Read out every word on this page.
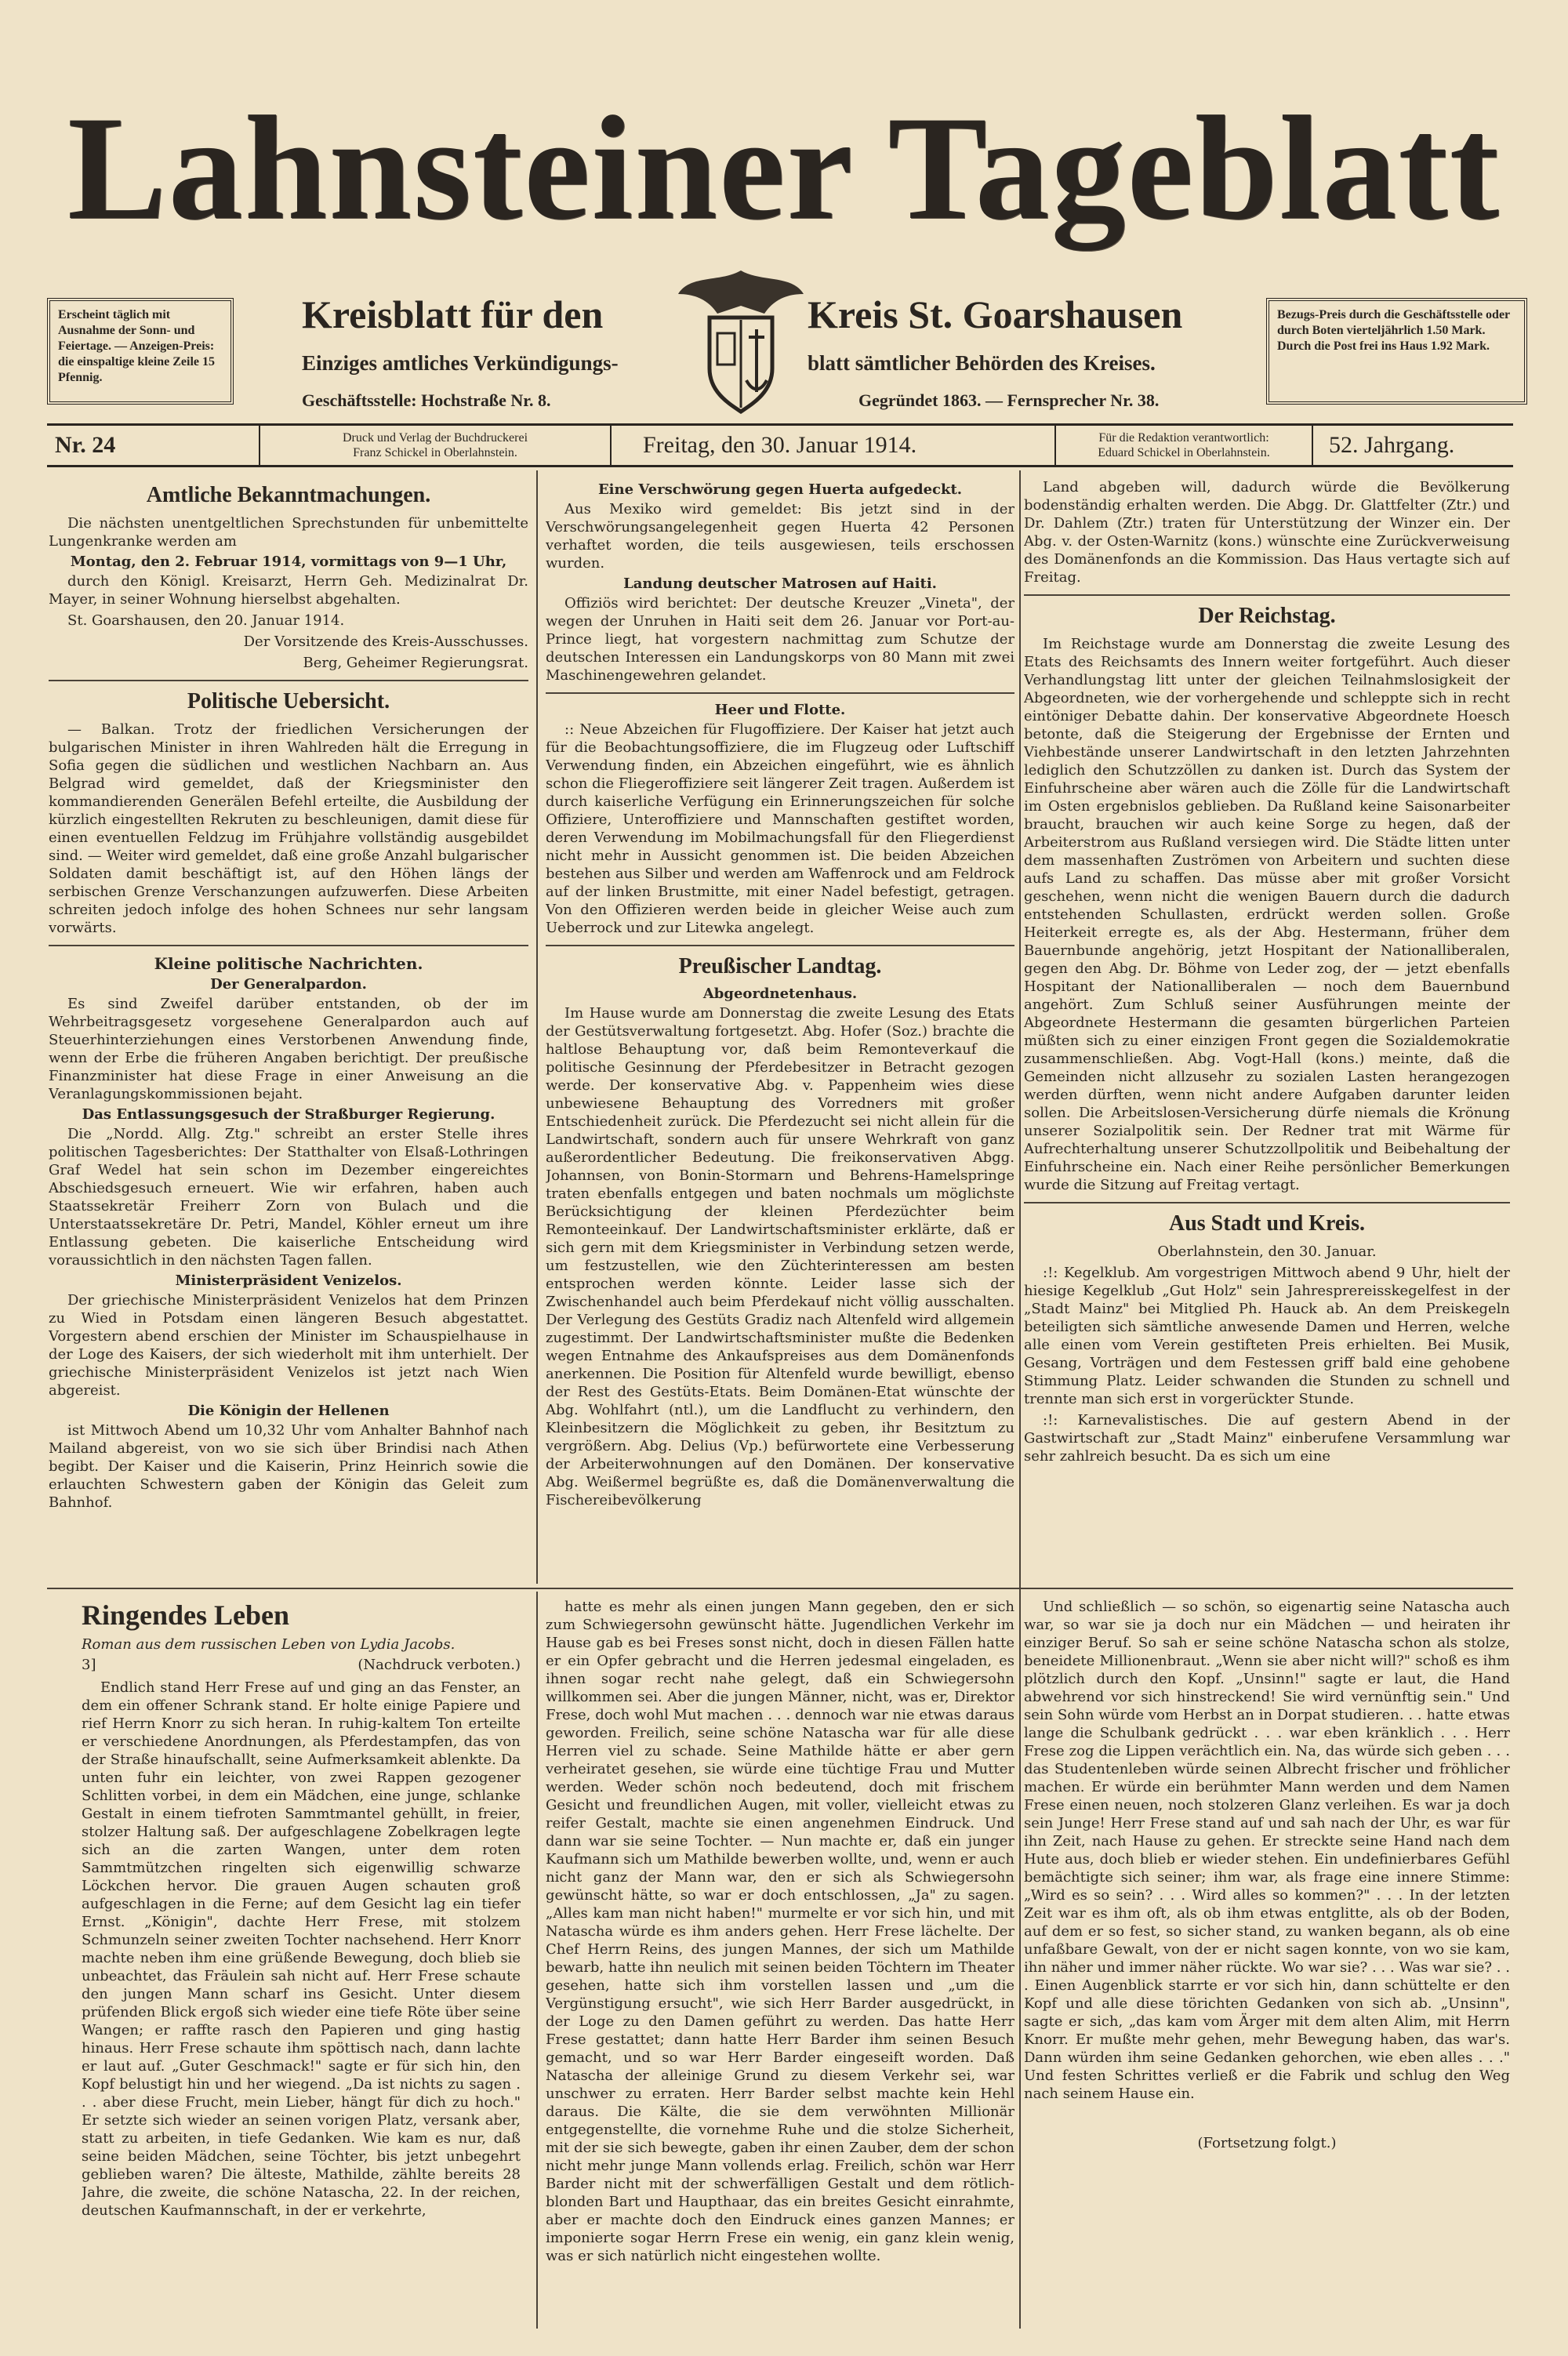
Lahnsteiner Tageblatt
Erscheint täglich mit Ausnahme der Sonn- und Feiertage. — Anzeigen-Preis: die einspaltige kleine Zeile 15 Pfennig.
Bezugs-Preis durch die Geschäftsstelle oder durch Boten vierteljährlich 1.50 Mark. Durch die Post frei ins Haus 1.92 Mark.
Kreisblatt für den	Kreis St. Goarshausen
Einziges amtliches Verkündigungs-	blatt sämtlicher Behörden des Kreises.
Geschäftsstelle: Hochstraße Nr. 8.	Gegründet 1863. — Fernsprecher Nr. 38.
Nr. 24	Druck und Verlag der Buchdruckerei
Franz Schickel in Oberlahnstein.	Freitag, den 30. Januar 1914.	Für die Redaktion verantwortlich:
Eduard Schickel in Oberlahnstein.	52. Jahrgang.
Amtliche Bekanntmachungen.

Die nächsten unentgeltlichen Sprechstunden für unbemittelte Lungenkranke werden am

Montag, den 2. Februar 1914, vormittags von 9—1 Uhr,

durch den Königl. Kreisarzt, Herrn Geh. Medizinalrat Dr. Mayer, in seiner Wohnung hierselbst abgehalten.

St. Goarshausen, den 20. Januar 1914.

Der Vorsitzende des Kreis-Ausschusses.

Berg, Geheimer Regierungsrat.

Politische Uebersicht.

— Balkan. Trotz der friedlichen Versicherungen der bulgarischen Minister in ihren Wahlreden hält die Erregung in Sofia gegen die südlichen und westlichen Nachbarn an. Aus Belgrad wird gemeldet, daß der Kriegsminister den kommandierenden Generälen Befehl erteilte, die Ausbildung der kürzlich eingestellten Rekruten zu beschleunigen, damit diese für einen eventuellen Feldzug im Frühjahre vollständig ausgebildet sind. — Weiter wird gemeldet, daß eine große Anzahl bulgarischer Soldaten damit beschäftigt ist, auf den Höhen längs der serbischen Grenze Verschanzungen aufzuwerfen. Diese Arbeiten schreiten jedoch infolge des hohen Schnees nur sehr langsam vorwärts.

Kleine politische Nachrichten.
Der Generalpardon.

Es sind Zweifel darüber entstanden, ob der im Wehrbeitragsgesetz vorgesehene Generalpardon auch auf Steuerhinterziehungen eines Verstorbenen Anwendung finde, wenn der Erbe die früheren Angaben berichtigt. Der preußische Finanzminister hat diese Frage in einer Anweisung an die Veranlagungskommissionen bejaht.

Das Entlassungsgesuch der Straßburger Regierung.

Die „Nordd. Allg. Ztg." schreibt an erster Stelle ihres politischen Tagesberichtes: Der Statthalter von Elsaß-Lothringen Graf Wedel hat sein schon im Dezember eingereichtes Abschiedsgesuch erneuert. Wie wir erfahren, haben auch Staatssekretär Freiherr Zorn von Bulach und die Unterstaatssekretäre Dr. Petri, Mandel, Köhler erneut um ihre Entlassung gebeten. Die kaiserliche Entscheidung wird voraussichtlich in den nächsten Tagen fallen.

Ministerpräsident Venizelos.

Der griechische Ministerpräsident Venizelos hat dem Prinzen zu Wied in Potsdam einen längeren Besuch abgestattet. Vorgestern abend erschien der Minister im Schauspielhause in der Loge des Kaisers, der sich wiederholt mit ihm unterhielt. Der griechische Ministerpräsident Venizelos ist jetzt nach Wien abgereist.

Die Königin der Hellenen

ist Mittwoch Abend um 10,32 Uhr vom Anhalter Bahnhof nach Mailand abgereist, von wo sie sich über Brindisi nach Athen begibt. Der Kaiser und die Kaiserin, Prinz Heinrich sowie die erlauchten Schwestern gaben der Königin das Geleit zum Bahnhof.

Eine Verschwörung gegen Huerta aufgedeckt.

Aus Mexiko wird gemeldet: Bis jetzt sind in der Verschwörungsangelegenheit gegen Huerta 42 Personen verhaftet worden, die teils ausgewiesen, teils erschossen wurden.

Landung deutscher Matrosen auf Haiti.

Offiziös wird berichtet: Der deutsche Kreuzer „Vineta", der wegen der Unruhen in Haiti seit dem 26. Januar vor Port-au-Prince liegt, hat vorgestern nachmittag zum Schutze der deutschen Interessen ein Landungskorps von 80 Mann mit zwei Maschinengewehren gelandet.

Heer und Flotte.

:: Neue Abzeichen für Flugoffiziere. Der Kaiser hat jetzt auch für die Beobachtungsoffiziere, die im Flugzeug oder Luftschiff Verwendung finden, ein Abzeichen eingeführt, wie es ähnlich schon die Fliegeroffiziere seit längerer Zeit tragen. Außerdem ist durch kaiserliche Verfügung ein Erinnerungszeichen für solche Offiziere, Unteroffiziere und Mannschaften gestiftet worden, deren Verwendung im Mobilmachungsfall für den Fliegerdienst nicht mehr in Aussicht genommen ist. Die beiden Abzeichen bestehen aus Silber und werden am Waffenrock und am Feldrock auf der linken Brustmitte, mit einer Nadel befestigt, getragen. Von den Offizieren werden beide in gleicher Weise auch zum Ueberrock und zur Litewka angelegt.

Preußischer Landtag.
Abgeordnetenhaus.

Im Hause wurde am Donnerstag die zweite Lesung des Etats der Gestütsverwaltung fortgesetzt. Abg. Hofer (Soz.) brachte die haltlose Behauptung vor, daß beim Remonteverkauf die politische Gesinnung der Pferdebesitzer in Betracht gezogen werde. Der konservative Abg. v. Pappenheim wies diese unbewiesene Behauptung des Vorredners mit großer Entschiedenheit zurück. Die Pferdezucht sei nicht allein für die Landwirtschaft, sondern auch für unsere Wehrkraft von ganz außerordentlicher Bedeutung. Die freikonservativen Abgg. Johannsen, von Bonin-Stormarn und Behrens-Hamelspringe traten ebenfalls entgegen und baten nochmals um möglichste Berücksichtigung der kleinen Pferdezüchter beim Remonteeinkauf. Der Landwirtschaftsminister erklärte, daß er sich gern mit dem Kriegsminister in Verbindung setzen werde, um festzustellen, wie den Züchterinteressen am besten entsprochen werden könnte. Leider lasse sich der Zwischenhandel auch beim Pferdekauf nicht völlig ausschalten. Der Verlegung des Gestüts Gradiz nach Altenfeld wird allgemein zugestimmt. Der Landwirtschaftsminister mußte die Bedenken wegen Entnahme des Ankaufspreises aus dem Domänenfonds anerkennen. Die Position für Altenfeld wurde bewilligt, ebenso der Rest des Gestüts-Etats. Beim Domänen-Etat wünschte der Abg. Wohlfahrt (ntl.), um die Landflucht zu verhindern, den Kleinbesitzern die Möglichkeit zu geben, ihr Besitztum zu vergrößern. Abg. Delius (Vp.) befürwortete eine Verbesserung der Arbeiterwohnungen auf den Domänen. Der konservative Abg. Weißermel begrüßte es, daß die Domänenverwaltung die Fischereibevölkerung

Land abgeben will, dadurch würde die Bevölkerung bodenständig erhalten werden. Die Abgg. Dr. Glattfelter (Ztr.) und Dr. Dahlem (Ztr.) traten für Unterstützung der Winzer ein. Der Abg. v. der Osten-Warnitz (kons.) wünschte eine Zurückverweisung des Domänenfonds an die Kommission. Das Haus vertagte sich auf Freitag.

Der Reichstag.

Im Reichstage wurde am Donnerstag die zweite Lesung des Etats des Reichsamts des Innern weiter fortgeführt. Auch dieser Verhandlungstag litt unter der gleichen Teilnahmslosigkeit der Abgeordneten, wie der vorhergehende und schleppte sich in recht eintöniger Debatte dahin. Der konservative Abgeordnete Hoesch betonte, daß die Steigerung der Ergebnisse der Ernten und Viehbestände unserer Landwirtschaft in den letzten Jahrzehnten lediglich den Schutzzöllen zu danken ist. Durch das System der Einfuhrscheine aber wären auch die Zölle für die Landwirtschaft im Osten ergebnislos geblieben. Da Rußland keine Saisonarbeiter braucht, brauchen wir auch keine Sorge zu hegen, daß der Arbeiterstrom aus Rußland versiegen wird. Die Städte litten unter dem massenhaften Zuströmen von Arbeitern und suchten diese aufs Land zu schaffen. Das müsse aber mit großer Vorsicht geschehen, wenn nicht die wenigen Bauern durch die dadurch entstehenden Schullasten, erdrückt werden sollen. Große Heiterkeit erregte es, als der Abg. Hestermann, früher dem Bauernbunde angehörig, jetzt Hospitant der Nationalliberalen, gegen den Abg. Dr. Böhme von Leder zog, der — jetzt ebenfalls Hospitant der Nationalliberalen — noch dem Bauernbund angehört. Zum Schluß seiner Ausführungen meinte der Abgeordnete Hestermann die gesamten bürgerlichen Parteien müßten sich zu einer einzigen Front gegen die Sozialdemokratie zusammenschließen. Abg. Vogt-Hall (kons.) meinte, daß die Gemeinden nicht allzusehr zu sozialen Lasten herangezogen werden dürften, wenn nicht andere Aufgaben darunter leiden sollen. Die Arbeitslosen-Versicherung dürfe niemals die Krönung unserer Sozialpolitik sein. Der Redner trat mit Wärme für Aufrechterhaltung unserer Schutzzollpolitik und Beibehaltung der Einfuhrscheine ein. Nach einer Reihe persönlicher Bemerkungen wurde die Sitzung auf Freitag vertagt.

Aus Stadt und Kreis.

Oberlahnstein, den 30. Januar.

:!: Kegelklub. Am vorgestrigen Mittwoch abend 9 Uhr, hielt der hiesige Kegelklub „Gut Holz" sein Jahresprereisskegelfest in der „Stadt Mainz" bei Mitglied Ph. Hauck ab. An dem Preiskegeln beteiligten sich sämtliche anwesende Damen und Herren, welche alle einen vom Verein gestifteten Preis erhielten. Bei Musik, Gesang, Vorträgen und dem Festessen griff bald eine gehobene Stimmung Platz. Leider schwanden die Stunden zu schnell und trennte man sich erst in vorgerückter Stunde.

:!: Karnevalistisches. Die auf gestern Abend in der Gastwirtschaft zur „Stadt Mainz" einberufene Versammlung war sehr zahlreich besucht. Da es sich um eine

Ringendes Leben

Roman aus dem russischen Leben von Lydia Jacobs.

3]	(Nachdruck verboten.)

Endlich stand Herr Frese auf und ging an das Fenster, an dem ein offener Schrank stand. Er holte einige Papiere und rief Herrn Knorr zu sich heran. In ruhig-kaltem Ton erteilte er verschiedene Anordnungen, als Pferdestampfen, das von der Straße hinaufschallt, seine Aufmerksamkeit ablenkte. Da unten fuhr ein leichter, von zwei Rappen gezogener Schlitten vorbei, in dem ein Mädchen, eine junge, schlanke Gestalt in einem tiefroten Sammtmantel gehüllt, in freier, stolzer Haltung saß. Der aufgeschlagene Zobelkragen legte sich an die zarten Wangen, unter dem roten Sammtmützchen ringelten sich eigenwillig schwarze Löckchen hervor. Die grauen Augen schauten groß aufgeschlagen in die Ferne; auf dem Gesicht lag ein tiefer Ernst. „Königin", dachte Herr Frese, mit stolzem Schmunzeln seiner zweiten Tochter nachsehend. Herr Knorr machte neben ihm eine grüßende Bewegung, doch blieb sie unbeachtet, das Fräulein sah nicht auf. Herr Frese schaute den jungen Mann scharf ins Gesicht. Unter diesem prüfenden Blick ergoß sich wieder eine tiefe Röte über seine Wangen; er raffte rasch den Papieren und ging hastig hinaus. Herr Frese schaute ihm spöttisch nach, dann lachte er laut auf. „Guter Geschmack!" sagte er für sich hin, den Kopf belustigt hin und her wiegend. „Da ist nichts zu sagen . . . aber diese Frucht, mein Lieber, hängt für dich zu hoch." Er setzte sich wieder an seinen vorigen Platz, versank aber, statt zu arbeiten, in tiefe Gedanken. Wie kam es nur, daß seine beiden Mädchen, seine Töchter, bis jetzt unbegehrt geblieben waren? Die älteste, Mathilde, zählte bereits 28 Jahre, die zweite, die schöne Natascha, 22. In der reichen, deutschen Kaufmannschaft, in der er verkehrte,

hatte es mehr als einen jungen Mann gegeben, den er sich zum Schwiegersohn gewünscht hätte. Jugendlichen Verkehr im Hause gab es bei Freses sonst nicht, doch in diesen Fällen hatte er ein Opfer gebracht und die Herren jedesmal eingeladen, es ihnen sogar recht nahe gelegt, daß ein Schwiegersohn willkommen sei. Aber die jungen Männer, nicht, was er, Direktor Frese, doch wohl Mut machen . . . dennoch war nie etwas daraus geworden. Freilich, seine schöne Natascha war für alle diese Herren viel zu schade. Seine Mathilde hätte er aber gern verheiratet gesehen, sie würde eine tüchtige Frau und Mutter werden. Weder schön noch bedeutend, doch mit frischem Gesicht und freundlichen Augen, mit voller, vielleicht etwas zu reifer Gestalt, machte sie einen angenehmen Eindruck. Und dann war sie seine Tochter. — Nun machte er, daß ein junger Kaufmann sich um Mathilde bewerben wollte, und, wenn er auch nicht ganz der Mann war, den er sich als Schwiegersohn gewünscht hätte, so war er doch entschlossen, „Ja" zu sagen. „Alles kam man nicht haben!" murmelte er vor sich hin, und mit Natascha würde es ihm anders gehen. Herr Frese lächelte. Der Chef Herrn Reins, des jungen Mannes, der sich um Mathilde bewarb, hatte ihn neulich mit seinen beiden Töchtern im Theater gesehen, hatte sich ihm vorstellen lassen und „um die Vergünstigung ersucht", wie sich Herr Barder ausgedrückt, in der Loge zu den Damen geführt zu werden. Das hatte Herr Frese gestattet; dann hatte Herr Barder ihm seinen Besuch gemacht, und so war Herr Barder eingeseift worden. Daß Natascha der alleinige Grund zu diesem Verkehr sei, war unschwer zu erraten. Herr Barder selbst machte kein Hehl daraus. Die Kälte, die sie dem verwöhnten Millionär entgegenstellte, die vornehme Ruhe und die stolze Sicherheit, mit der sie sich bewegte, gaben ihr einen Zauber, dem der schon nicht mehr junge Mann vollends erlag. Freilich, schön war Herr Barder nicht mit der schwerfälligen Gestalt und dem rötlich-blonden Bart und Haupthaar, das ein breites Gesicht einrahmte, aber er machte doch den Eindruck eines ganzen Mannes; er imponierte sogar Herrn Frese ein wenig, ein ganz klein wenig, was er sich natürlich nicht eingestehen wollte.

Und schließlich — so schön, so eigenartig seine Natascha auch war, so war sie ja doch nur ein Mädchen — und heiraten ihr einziger Beruf. So sah er seine schöne Natascha schon als stolze, beneidete Millionenbraut. „Wenn sie aber nicht will?" schoß es ihm plötzlich durch den Kopf. „Unsinn!" sagte er laut, die Hand abwehrend vor sich hinstreckend! Sie wird vernünftig sein." Und sein Sohn würde vom Herbst an in Dorpat studieren. . . hatte etwas lange die Schulbank gedrückt . . . war eben kränklich . . . Herr Frese zog die Lippen verächtlich ein. Na, das würde sich geben . . . das Studentenleben würde seinen Albrecht frischer und fröhlicher machen. Er würde ein berühmter Mann werden und dem Namen Frese einen neuen, noch stolzeren Glanz verleihen. Es war ja doch sein Junge! Herr Frese stand auf und sah nach der Uhr, es war für ihn Zeit, nach Hause zu gehen. Er streckte seine Hand nach dem Hute aus, doch blieb er wieder stehen. Ein undefinierbares Gefühl bemächtigte sich seiner; ihm war, als frage eine innere Stimme: „Wird es so sein? . . . Wird alles so kommen?" . . . In der letzten Zeit war es ihm oft, als ob ihm etwas entglitte, als ob der Boden, auf dem er so fest, so sicher stand, zu wanken begann, als ob eine unfaßbare Gewalt, von der er nicht sagen konnte, von wo sie kam, ihn näher und immer näher rückte. Wo war sie? . . . Was war sie? . . . Einen Augenblick starrte er vor sich hin, dann schüttelte er den Kopf und alle diese törichten Gedanken von sich ab. „Unsinn", sagte er sich, „das kam vom Ärger mit dem alten Alim, mit Herrn Knorr. Er mußte mehr gehen, mehr Bewegung haben, das war's. Dann würden ihm seine Gedanken gehorchen, wie eben alles . . ." Und festen Schrittes verließ er die Fabrik und schlug den Weg nach seinem Hause ein.

(Fortsetzung folgt.)
